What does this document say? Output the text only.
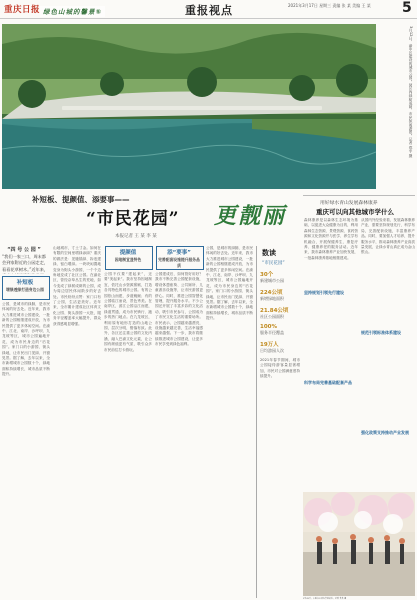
重庆日报	重报视点	2021年3月17日 星期三 责编 张 某 美编 王 某	5
绿色山城的馨景⑤
3月12日，渝中区建设的城市公园。园区内绿树成荫，市民休闲游憩。记者 郑宇 摄
补短板、提颜值、添要事——
“市民花园” 更靓丽
本报记者 王 某 李 某
“四 号 公 园 ”
“我们一家三口，周末都会到家附近的公园走走，看看花草树木。”近年来，
补短板
增绿透绿打造身边公园
公园，是城市的绿肺，是市民休闲的好去处。近年来，我市大力推进城市公园建设，一批新的公园相继建成开放，为市民提供了更多休闲空间。在渝中、江北、南岸、沙坪坝、九龙坡等区，城市公园遍地开花，成为市民身边的“后花园”。家门口的小游园、街头绿地，让市民出门见绿、开窗见景。据了解，去年以来，全市新增城市公园数十个，绿地面积持续增长，城市品质不断提升。
山地城市，寸土寸金。如何在有限的空间里增绿添绿？重庆的做法是：见缝插绿、拆违建绿、留白增绿。一块块闲置地变身为街头小游园，一个个边角地变成了社区公园。在渝北区，曾经杂草丛生的荒地，如今变成了绿树成荫的公园，成为周边居民休闲散步的好去处。市民纷纷点赞：家门口有了公园，生活更美好。近年来，全市累计建成社区体育文化公园、街头游园一大批，服务半径覆盖率大幅提升，群众获得感明显增强。
提颜值
因地制宜显特色
公园不仅要“建起来”，还要“美起来”。我市坚持因地制宜，依托山水资源禀赋，打造各具特色的城市公园。有的公园依山而建，步道蜿蜒；有的公园临江而设，景色秀美。在南岸区，滨江公园沿江而建，绿道贯通，成为市民骑行、跑步的热门地点。在九龙坡区，利用原有地形打造的山地公园，层次分明，错落有致。此外，各区还注重公园的文化内涵，融入巴渝文化元素，让公园有颜值更有气质，吸引众多市民前往打卡游玩。
添“要事”
完善配套设施提升服务品质
公园建成后，如何管好用好？我市不断完善公园配套设施，增设休憩座椅、公共厕所、儿童游乐设施等，让市民游园更舒心。同时，推进公园智慧化管理，提升服务水平。不少公园还开展了丰富多彩的文化活动，吸引市民参与，公园成为了市民文化生活的重要场所。市民表示，公园越来越漂亮，设施越来越完善，生活幸福感越来越强。下一步，我市将继续推进城市公园建设，让更多市民享受到绿色福利。
公园，是城市的绿肺，是市民休闲的好去处。近年来，我市大力推进城市公园建设，一批新的公园相继建成开放，为市民提供了更多休闲空间。在渝中、江北、南岸、沙坪坝、九龙坡等区，城市公园遍地开花，成为市民身边的“后花园”。家门口的小游园、街头绿地，让市民出门见绿、开窗见景。据了解，去年以来，全市新增城市公园数十个，绿地面积持续增长，城市品质不断提升。
数读
“市民花园”
30个
新建城市公园
224公顷
新增绿地面积
21.84公顷
社区公园面积
100%
服务半径覆盖
19万人
日均游园人次
2021年春节期间，城市公园接待游客量显著增加，市民对公园满意度持续提升。
用好绿水青山发展森林康养
重庆可以向其他城市学什么
森林康养是以森林生态环境为基础，以促进大众健康为目的，利用森林生态资源、景观资源、食药资源和文化资源并与医学、养生学有机融合，开展保健养生、康复疗养、健康养老的服务活动。近年来，我市森林康养产业加快发展，一批森林康养基地相继建成。
坚持规划引领先行建设
科学布局完善基础配套产品
从国内外经验来看，发展森林康养产业，需要坚持规划先行，科学布局，完善配套设施，丰富康养产品。同时，要加强人才培养，提升服务水平，推动森林康养产业高质量发展，让绿水青山真正成为金山银山。
规范引领标准体系建设
强化政策支持推动产业发展
2月28日，市民在公园内赏花游玩。记者 某某 摄
